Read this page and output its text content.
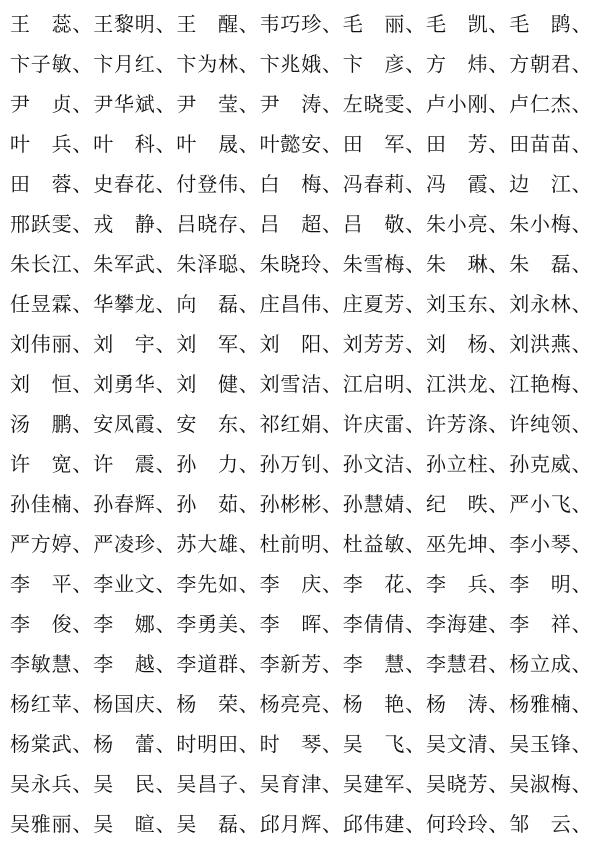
王　蕊、王黎明、王　醒、韦巧珍、毛　丽、毛　凯、毛　鹍、
卞子敏、卞月红、卞为林、卞兆娥、卞　彦、方　炜、方朝君、
尹　贞、尹华斌、尹　莹、尹　涛、左晓雯、卢小刚、卢仁杰、
叶　兵、叶　科、叶　晟、叶懿安、田　军、田　芳、田苗苗、
田　蓉、史春花、付登伟、白　梅、冯春莉、冯　霞、边　江、
邢跃雯、戎　静、吕晓存、吕　超、吕　敬、朱小亮、朱小梅、
朱长江、朱军武、朱泽聪、朱晓玲、朱雪梅、朱　琳、朱　磊、
任昱霖、华攀龙、向　磊、庄昌伟、庄夏芳、刘玉东、刘永林、
刘伟丽、刘　宇、刘　军、刘　阳、刘芳芳、刘　杨、刘洪燕、
刘　恒、刘勇华、刘　健、刘雪洁、江启明、江洪龙、江艳梅、
汤　鹏、安凤霞、安　东、祁红娟、许庆雷、许芳涤、许纯领、
许　宽、许　震、孙　力、孙万钊、孙文洁、孙立柱、孙克威、
孙佳楠、孙春辉、孙　茹、孙彬彬、孙慧婧、纪　昳、严小飞、
严方婷、严凌珍、苏大雄、杜前明、杜益敏、巫先坤、李小琴、
李　平、李业文、李先如、李　庆、李　花、李　兵、李　明、
李　俊、李　娜、李勇美、李　晖、李倩倩、李海建、李　祥、
李敏慧、李　越、李道群、李新芳、李　慧、李慧君、杨立成、
杨红苹、杨国庆、杨　荣、杨亮亮、杨　艳、杨　涛、杨雅楠、
杨棠武、杨　蕾、时明田、时　琴、吴　飞、吴文清、吴玉锋、
吴永兵、吴　民、吴昌子、吴育津、吴建军、吴晓芳、吴淑梅、
吴雅丽、吴　暄、吴　磊、邱月辉、邱伟建、何玲玲、邹　云、
